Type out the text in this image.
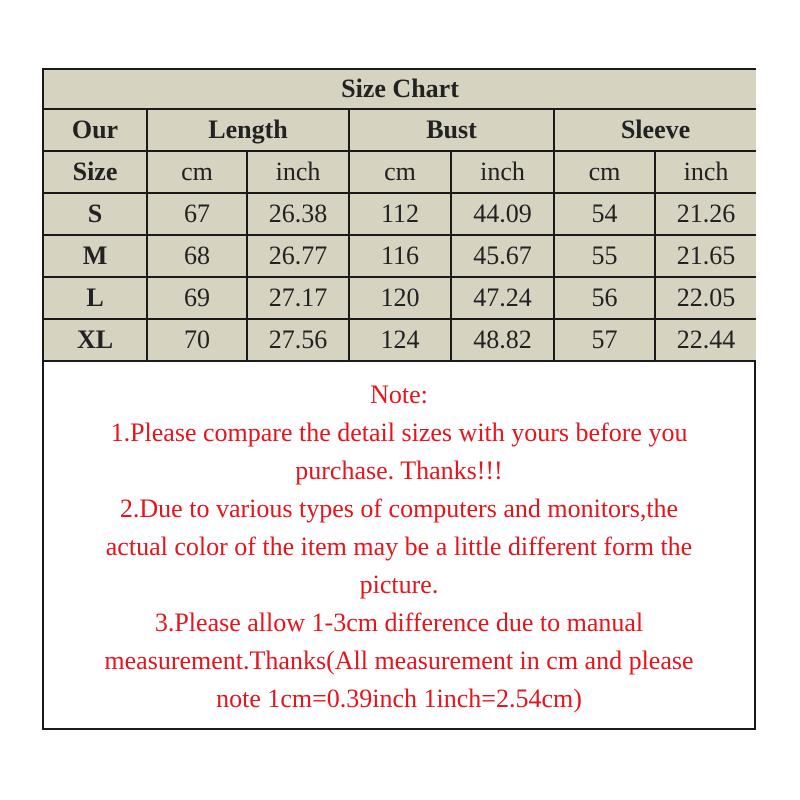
Size Chart						
Our	Length		Bust		Sleeve	
Size	cm	inch	cm	inch	cm	inch
S	67	26.38	112	44.09	54	21.26
M	68	26.77	116	45.67	55	21.65
L	69	27.17	120	47.24	56	22.05
XL	70	27.56	124	48.82	57	22.44
Note:
1.Please compare the detail sizes with yours before you
purchase. Thanks!!!
2.Due to various types of computers and monitors,the
actual color of the item may be a little different form the
picture.
3.Please allow 1-3cm difference due to manual
measurement.Thanks(All measurement in cm and please
note 1cm=0.39inch 1inch=2.54cm)
